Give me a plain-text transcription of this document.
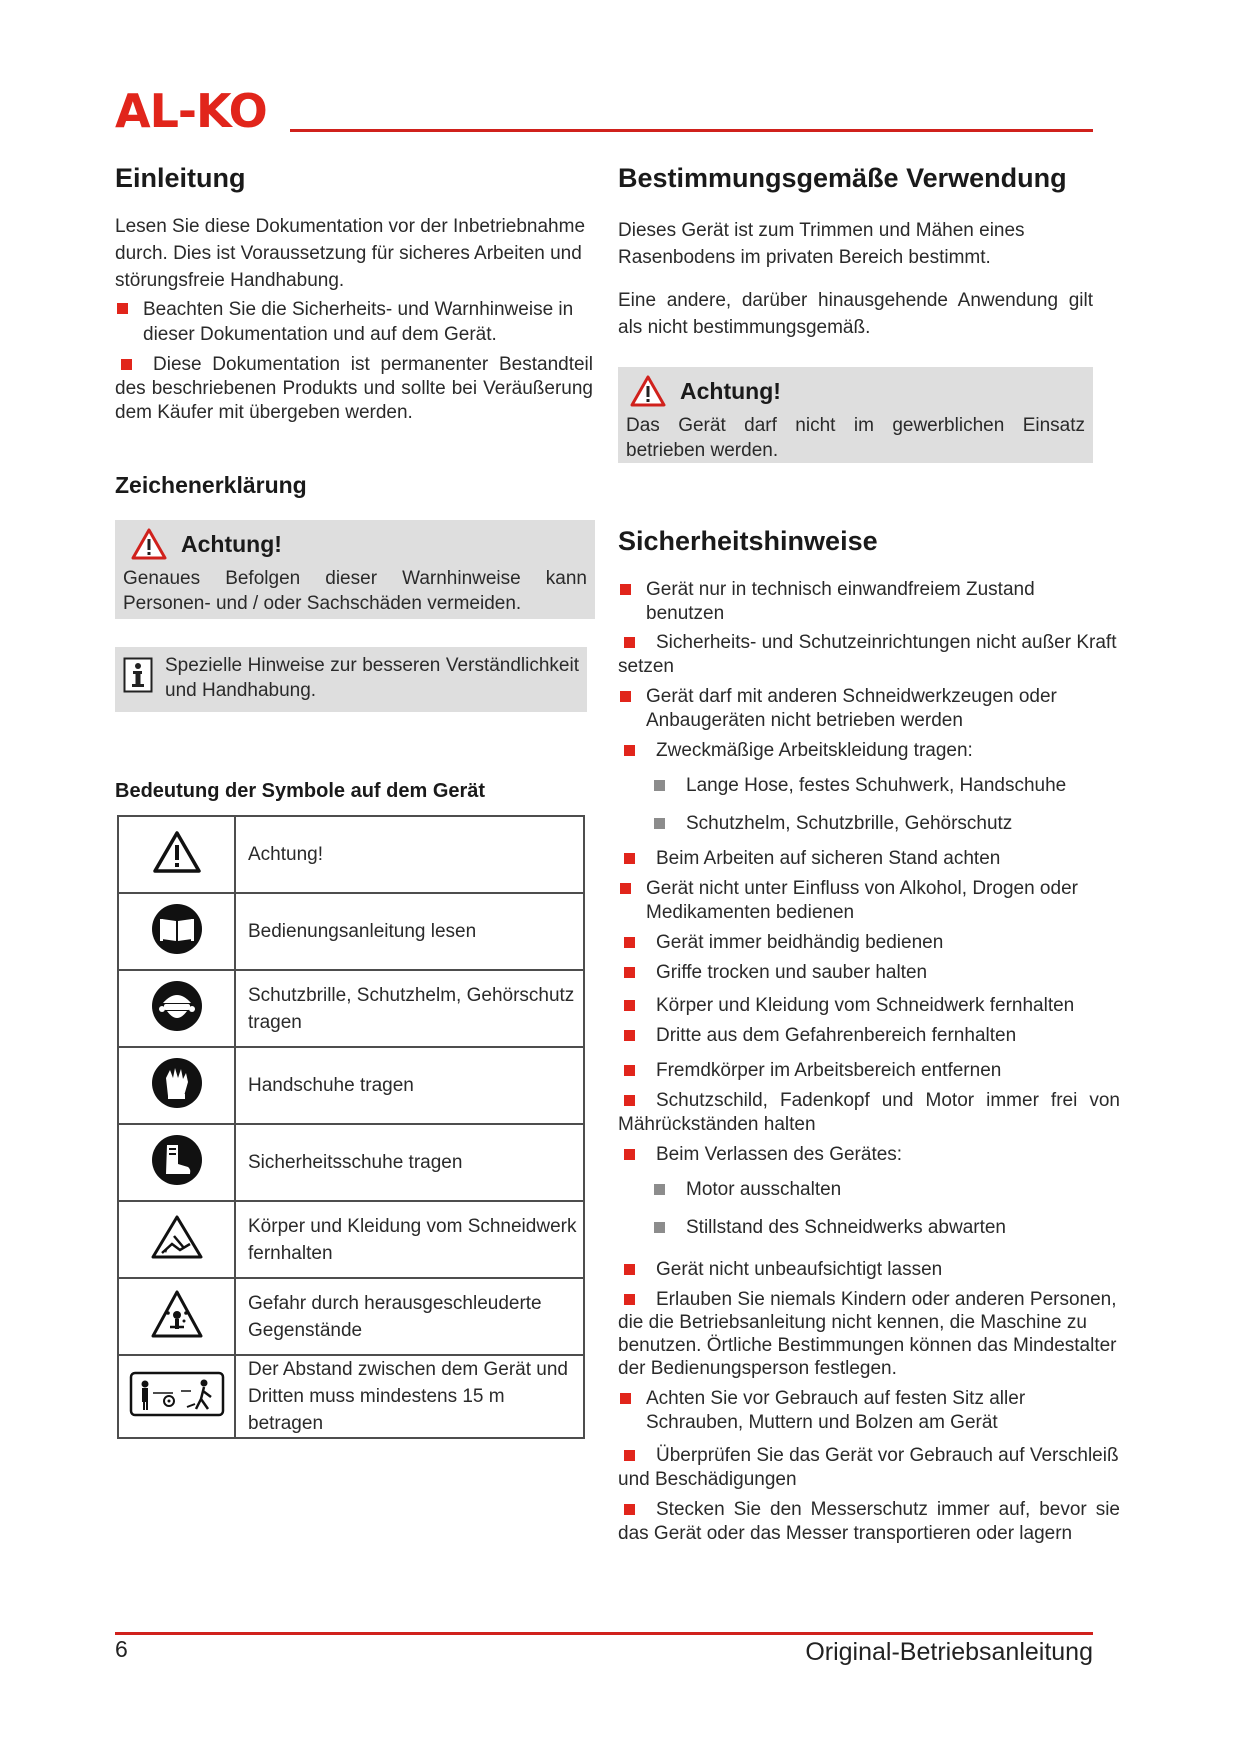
AL-KO
Einleitung

Lesen Sie diese Dokumentation vor der Inbetriebnahme durch. Dies ist Voraussetzung für sicheres Arbeiten und störungsfreie Handhabung.

Beachten Sie die Sicherheits- und Warnhinweise in dieser Dokumentation und auf dem Gerät.
Diese Dokumentation ist permanenter Bestandteil des beschriebenen Produkts und sollte bei Veräußerung dem Käufer mit übergeben werden.
Zeichenerklärung
Achtung!

Genaues Befolgen dieser Warnhinweise kann Personen- und / oder Sachschäden vermeiden.

Spezielle Hinweise zur besseren Verständlichkeit und Handhabung.

Bedeutung der Symbole auf dem Gerät
	Achtung!
	Bedienungsanleitung lesen
	Schutzbrille, Schutzhelm, Gehörschutz tragen
	Handschuhe tragen
	Sicherheitsschuhe tragen
	Körper und Kleidung vom Schneidwerk fernhalten
	Gefahr durch herausgeschleuderte Gegenstände
	Der Abstand zwischen dem Gerät und Dritten muss mindestens 15 m betragen
Bestimmungsgemäße Verwendung

Dieses Gerät ist zum Trimmen und Mähen eines Rasenbodens im privaten Bereich bestimmt.

Eine andere, darüber hinausgehende Anwendung gilt als nicht bestimmungsgemäß.

Achtung!

Das Gerät darf nicht im gewerblichen Einsatz betrieben werden.

Sicherheitshinweise
Gerät nur in technisch einwandfreiem Zustand benutzen
Sicherheits- und Schutzeinrichtungen nicht außer Kraft setzen
Gerät darf mit anderen Schneidwerkzeugen oder Anbaugeräten nicht betrieben werden
Zweckmäßige Arbeitskleidung tragen:
Lange Hose, festes Schuhwerk, Handschuhe
Schutzhelm, Schutzbrille, Gehörschutz
Beim Arbeiten auf sicheren Stand achten
Gerät nicht unter Einfluss von Alkohol, Drogen oder Medikamenten bedienen
Gerät immer beidhändig bedienen
Griffe trocken und sauber halten
Körper und Kleidung vom Schneidwerk fernhalten
Dritte aus dem Gefahrenbereich fernhalten
Fremdkörper im Arbeitsbereich entfernen
Schutzschild, Fadenkopf und Motor immer frei von Mährückständen halten
Beim Verlassen des Gerätes:
Motor ausschalten
Stillstand des Schneidwerks abwarten
Gerät nicht unbeaufsichtigt lassen
Erlauben Sie niemals Kindern oder anderen Personen, die die Betriebsanleitung nicht kennen, die Maschine zu benutzen. Örtliche Bestimmungen können das Mindestalter der Bedienungsperson festlegen.
Achten Sie vor Gebrauch auf festen Sitz aller Schrauben, Muttern und Bolzen am Gerät
Überprüfen Sie das Gerät vor Gebrauch auf Verschleiß und Beschädigungen
Stecken Sie den Messerschutz immer auf, bevor sie das Gerät oder das Messer transportieren oder lagern
6	Original-Betriebsanleitung
